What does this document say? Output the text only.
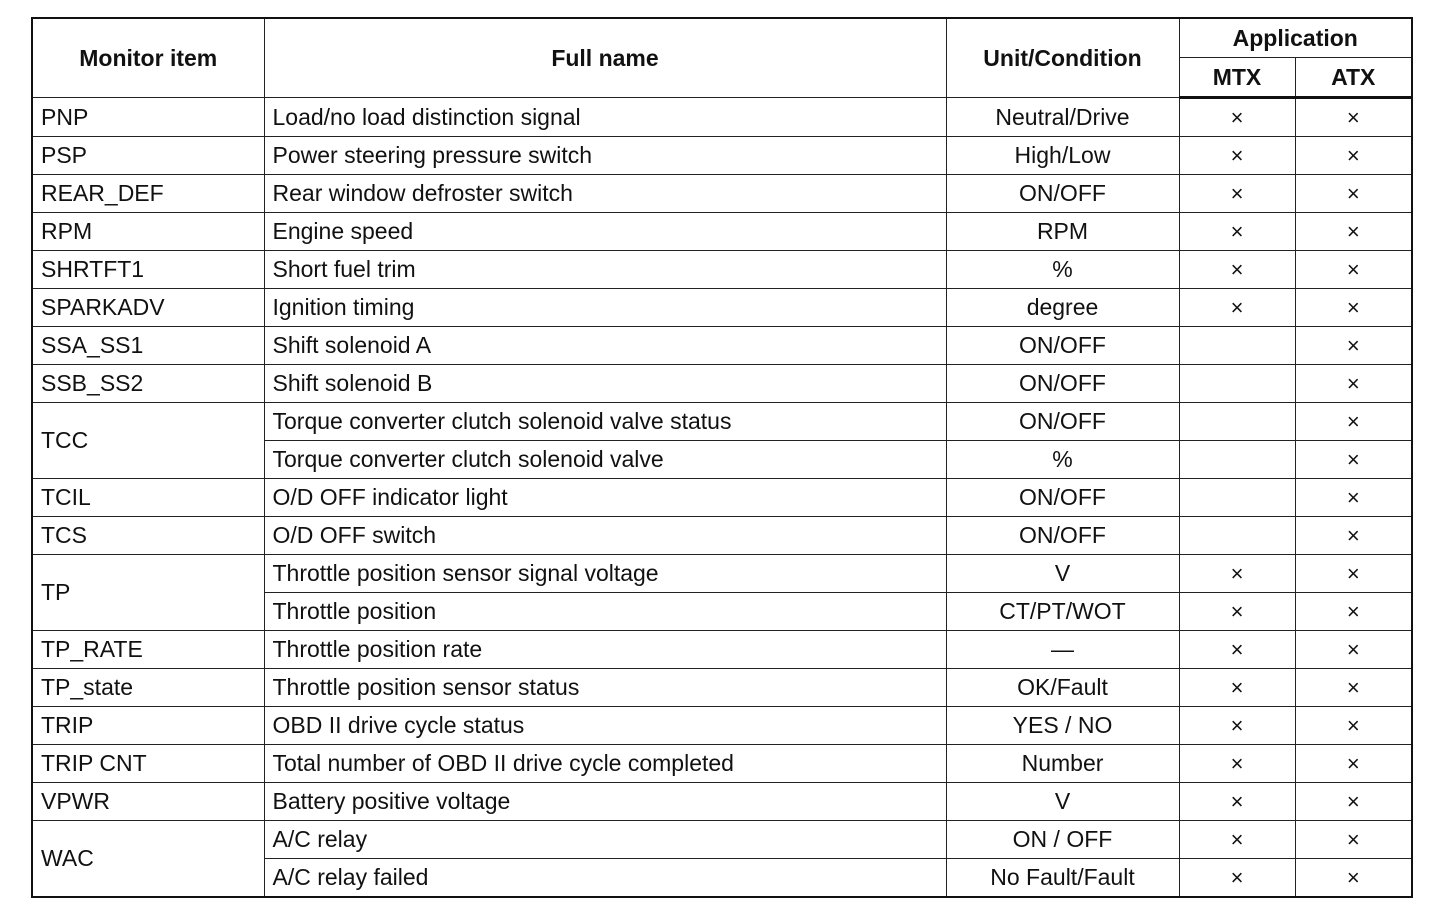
Monitor item	Full name	Unit/Condition	Application	
			MTX	ATX
PNP	Load/no load distinction signal	Neutral/Drive	×	×
PSP	Power steering pressure switch	High/Low	×	×
REAR_DEF	Rear window defroster switch	ON/OFF	×	×
RPM	Engine speed	RPM	×	×
SHRTFT1	Short fuel trim	%	×	×
SPARKADV	Ignition timing	degree	×	×
SSA_SS1	Shift solenoid A	ON/OFF		×
SSB_SS2	Shift solenoid B	ON/OFF		×
TCC	Torque converter clutch solenoid valve status	ON/OFF		×
	Torque converter clutch solenoid valve	%		×
TCIL	O/D OFF indicator light	ON/OFF		×
TCS	O/D OFF switch	ON/OFF		×
TP	Throttle position sensor signal voltage	V	×	×
	Throttle position	CT/PT/WOT	×	×
TP_RATE	Throttle position rate	—	×	×
TP_state	Throttle position sensor status	OK/Fault	×	×
TRIP	OBD II drive cycle status	YES / NO	×	×
TRIP CNT	Total number of OBD II drive cycle completed	Number	×	×
VPWR	Battery positive voltage	V	×	×
WAC	A/C relay	ON / OFF	×	×
	A/C relay failed	No Fault/Fault	×	×
